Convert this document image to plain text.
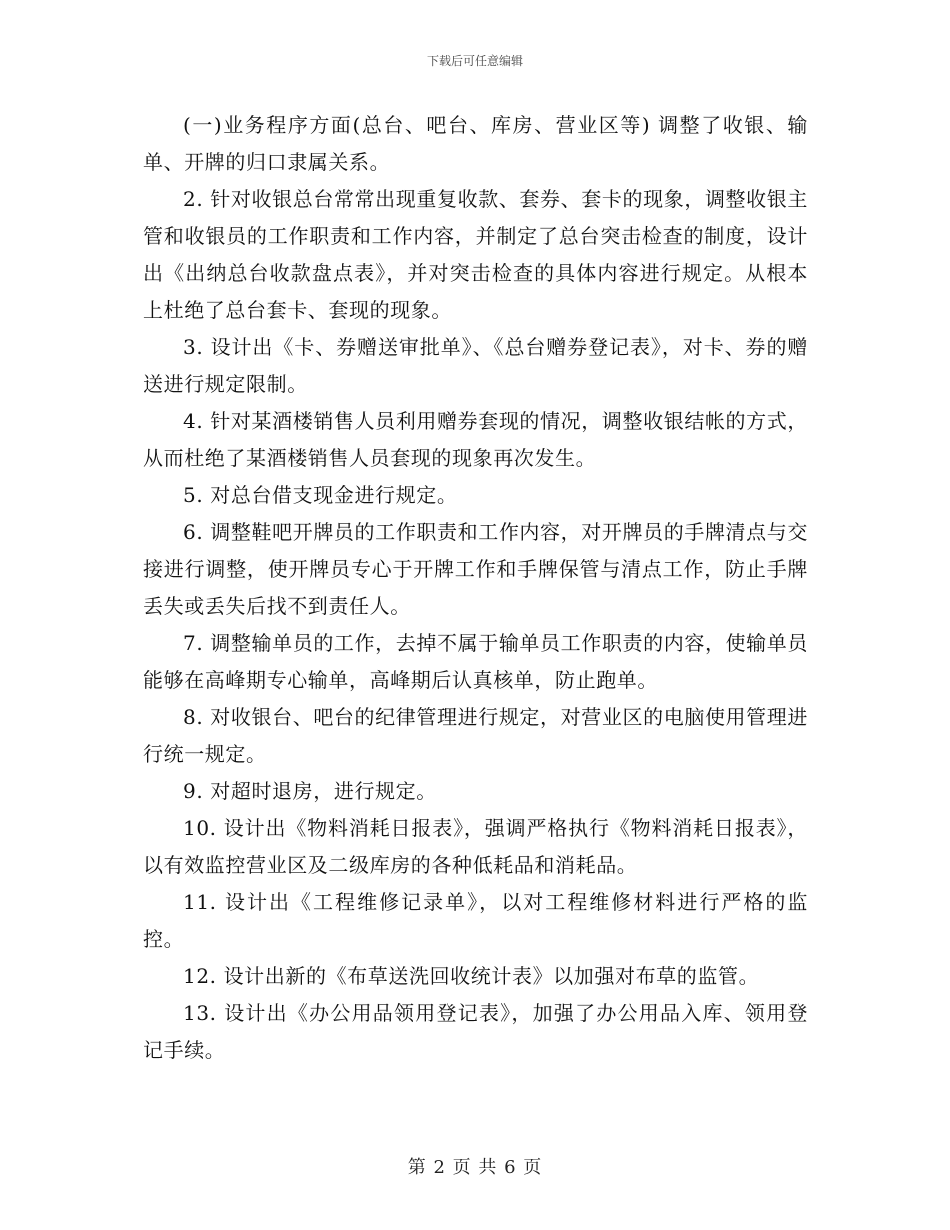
下载后可任意编辑

(一)业务程序方面(总台、吧台、库房、营业区等) 调整了收银、输单、开牌的归口隶属关系。

2. 针对收银总台常常出现重复收款、套券、套卡的现象，调整收银主管和收银员的工作职责和工作内容，并制定了总台突击检查的制度，设计出《出纳总台收款盘点表》，并对突击检查的具体内容进行规定。从根本上杜绝了总台套卡、套现的现象。

3. 设计出《卡、券赠送审批单》、《总台赠券登记表》，对卡、券的赠送进行规定限制。

4. 针对某酒楼销售人员利用赠券套现的情况，调整收银结帐的方式，从而杜绝了某酒楼销售人员套现的现象再次发生。

5. 对总台借支现金进行规定。

6. 调整鞋吧开牌员的工作职责和工作内容，对开牌员的手牌清点与交接进行调整，使开牌员专心于开牌工作和手牌保管与清点工作，防止手牌丢失或丢失后找不到责任人。

7. 调整输单员的工作，去掉不属于输单员工作职责的内容，使输单员能够在高峰期专心输单，高峰期后认真核单，防止跑单。

8. 对收银台、吧台的纪律管理进行规定，对营业区的电脑使用管理进行统一规定。

9. 对超时退房，进行规定。

10. 设计出《物料消耗日报表》，强调严格执行《物料消耗日报表》，以有效监控营业区及二级库房的各种低耗品和消耗品。

11. 设计出《工程维修记录单》，以对工程维修材料进行严格的监控。

12. 设计出新的《布草送洗回收统计表》以加强对布草的监管。

13. 设计出《办公用品领用登记表》，加强了办公用品入库、领用登记手续。

第 2 页 共 6 页
